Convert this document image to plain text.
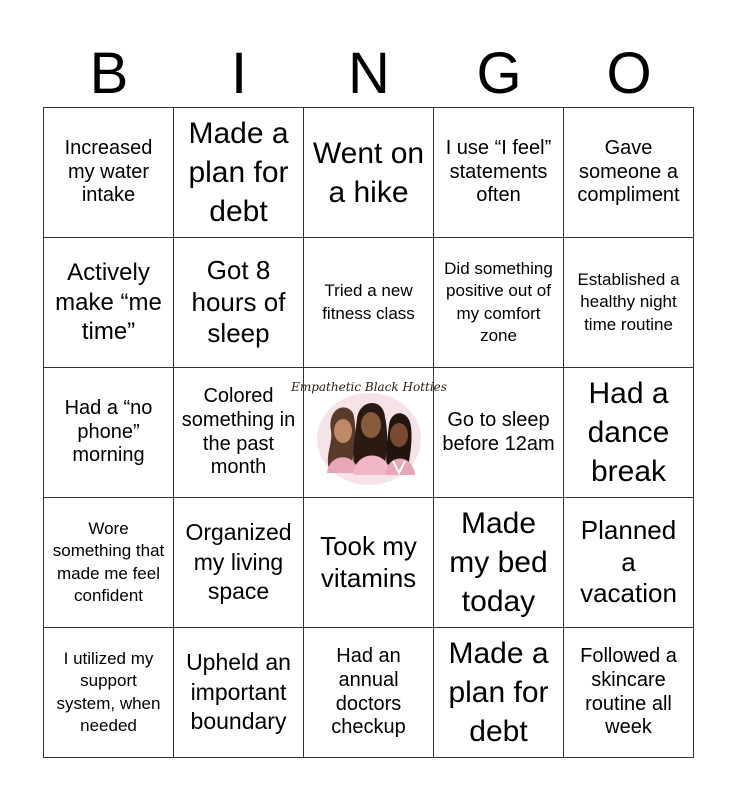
B	I	N	G	O
Increased my water intake	Made a plan for debt	Went on a hike	I use “I feel” statements often	Gave someone a compliment

Actively make “me time”	Got 8 hours of sleep	Tried a new fitness class	Did something positive out of my comfort zone	Established a healthy night time routine

Had a “no phone” morning	Colored something in the past month	Empathetic Black Hotties	Go to sleep before 12am	Had a dance break

Wore something that made me feel confident	Organized my living space	Took my vitamins	Made my bed today	Planned a vacation

I utilized my support system, when needed	Upheld an important boundary	Had an annual doctors checkup	Made a plan for debt	Followed a skincare routine all week
